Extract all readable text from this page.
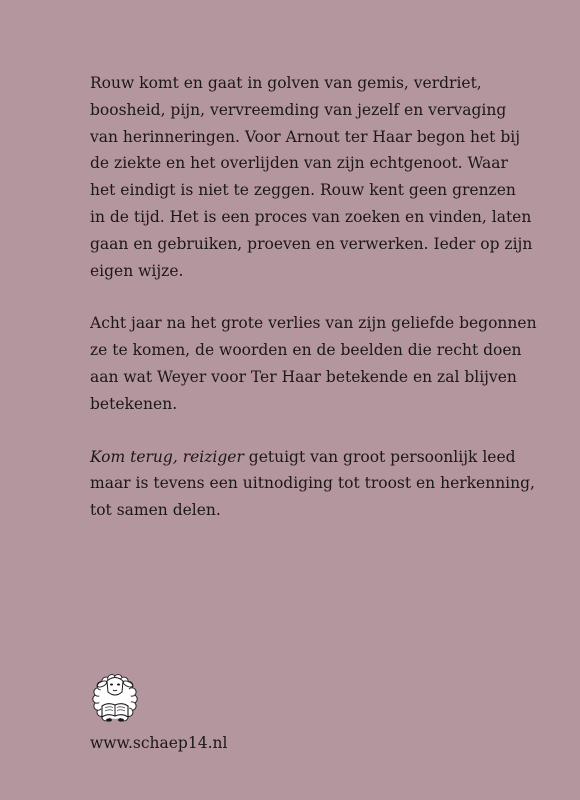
Rouw komt en gaat in golven van gemis, verdriet,
boosheid, pijn, vervreemding van jezelf en vervaging
van herinneringen. Voor Arnout ter Haar begon het bij
de ziekte en het overlijden van zijn echtgenoot. Waar
het eindigt is niet te zeggen. Rouw kent geen grenzen
in de tijd. Het is een proces van zoeken en vinden, laten
gaan en gebruiken, proeven en verwerken. Ieder op zijn
eigen wijze.

Acht jaar na het grote verlies van zijn geliefde begonnen
ze te komen, de woorden en de beelden die recht doen
aan wat Weyer voor Ter Haar betekende en zal blijven
betekenen.

Kom terug, reiziger getuigt van groot persoonlijk leed
maar is tevens een uitnodiging tot troost en herkenning,
tot samen delen.

www.schaep14.nl
